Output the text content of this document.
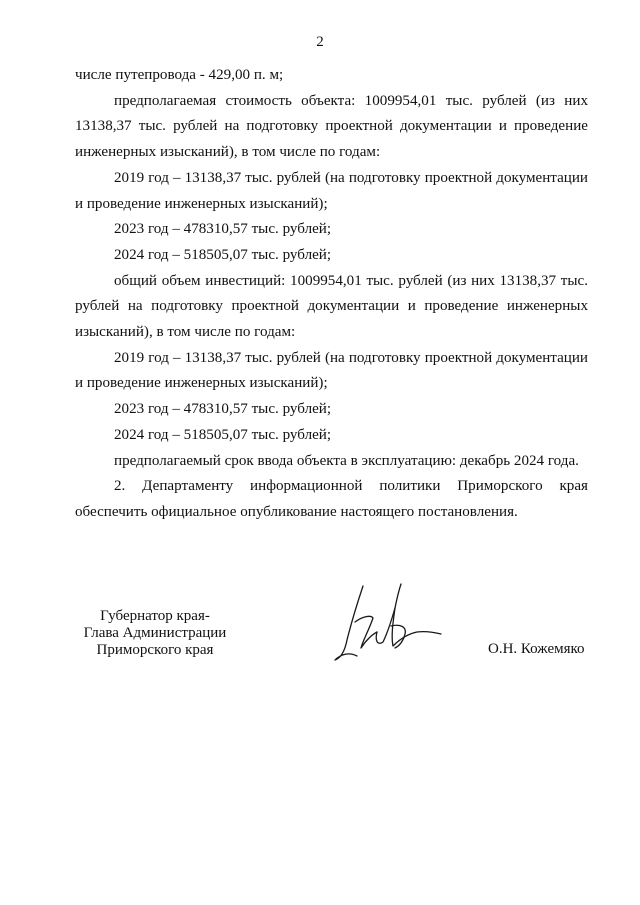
2

числе путепровода - 429,00 п. м;

предполагаемая стоимость объекта: 1009954,01 тыс. рублей (из них 13138,37 тыс. рублей на подготовку проектной документации и проведение инженерных изысканий), в том числе по годам:

2019 год – 13138,37 тыс. рублей (на подготовку проектной документации и проведение инженерных изысканий);

2023 год – 478310,57 тыс. рублей;

2024 год – 518505,07 тыс. рублей;

общий объем инвестиций: 1009954,01 тыс. рублей (из них 13138,37 тыс. рублей на подготовку проектной документации и проведение инженерных изысканий), в том числе по годам:

2019 год – 13138,37 тыс. рублей (на подготовку проектной документации и проведение инженерных изысканий);

2023 год – 478310,57 тыс. рублей;

2024 год – 518505,07 тыс. рублей;

предполагаемый срок ввода объекта в эксплуатацию: декабрь 2024 года.

2. Департаменту информационной политики Приморского края обеспечить официальное опубликование настоящего постановления.

Губернатор края-
Глава Администрации
Приморского края	О.Н. Кожемяко
